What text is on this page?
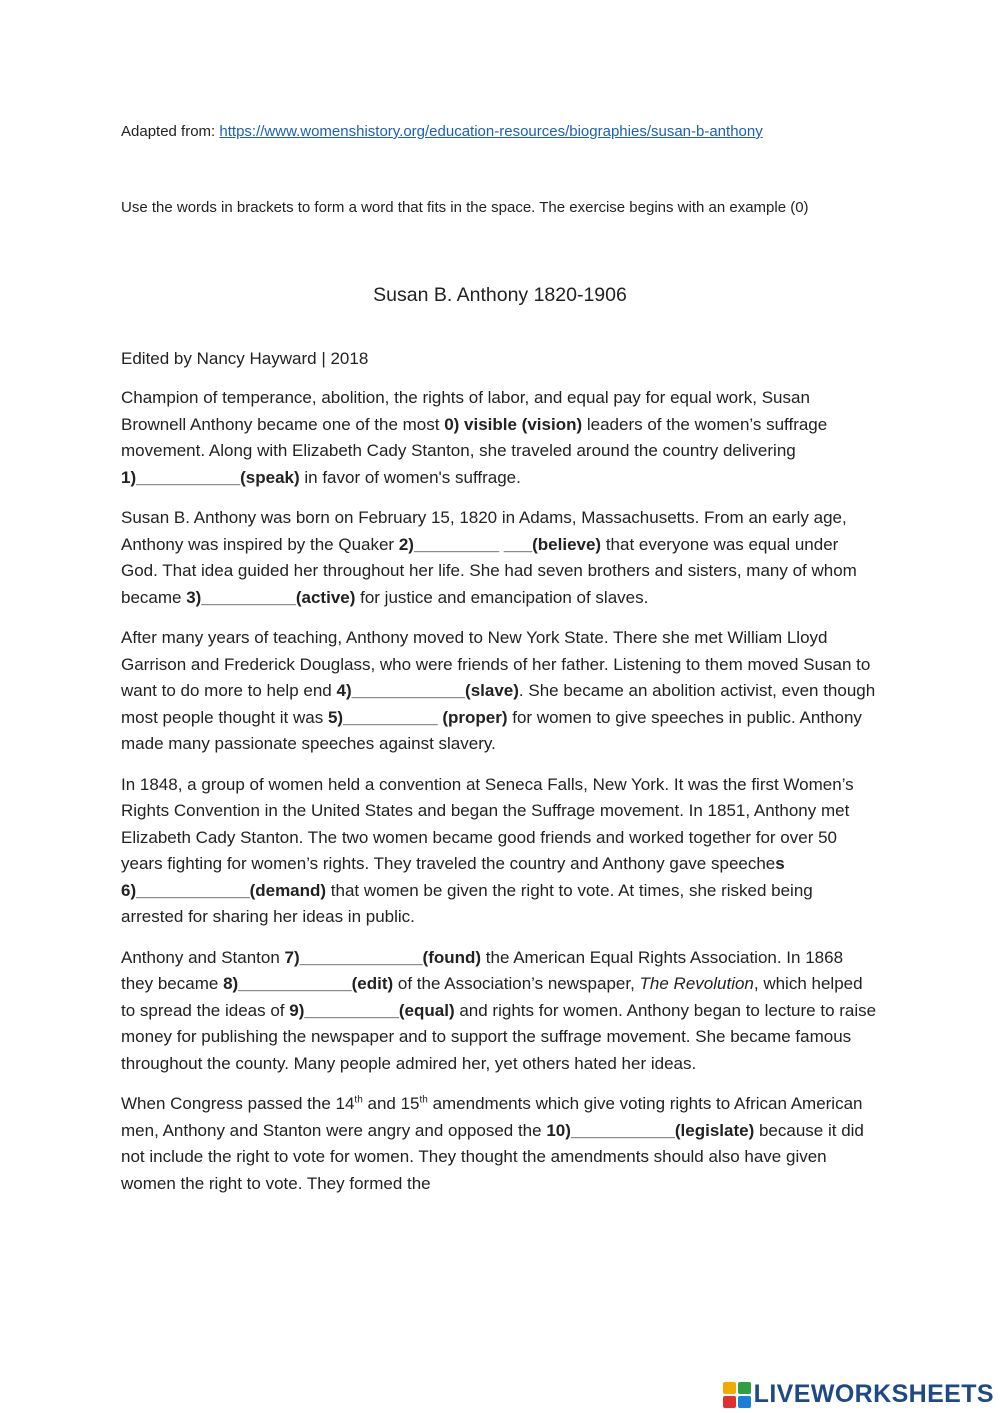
Adapted from: https://www.womenshistory.org/education-resources/biographies/susan-b-anthony
Use the words in brackets to form a word that fits in the space. The exercise begins with an example (0)
Susan B. Anthony 1820-1906
Edited by Nancy Hayward | 2018

Champion of temperance, abolition, the rights of labor, and equal pay for equal work, Susan Brownell Anthony became one of the most 0) visible (vision) leaders of the women’s suffrage movement. Along with Elizabeth Cady Stanton, she traveled around the country delivering 1)___________(speak) in favor of women's suffrage.

Susan B. Anthony was born on February 15, 1820 in Adams, Massachusetts. From an early age, Anthony was inspired by the Quaker 2)_________ ___(believe) that everyone was equal under God. That idea guided her throughout her life. She had seven brothers and sisters, many of whom became 3)__________(active) for justice and emancipation of slaves.

After many years of teaching, Anthony moved to New York State. There she met William Lloyd Garrison and Frederick Douglass, who were friends of her father. Listening to them moved Susan to want to do more to help end 4)____________(slave). She became an abolition activist, even though most people thought it was 5)__________ (proper) for women to give speeches in public. Anthony made many passionate speeches against slavery.

In 1848, a group of women held a convention at Seneca Falls, New York. It was the first Women’s Rights Convention in the United States and began the Suffrage movement. In 1851, Anthony met Elizabeth Cady Stanton. The two women became good friends and worked together for over 50 years fighting for women’s rights. They traveled the country and Anthony gave speeches 6)____________(demand) that women be given the right to vote. At times, she risked being arrested for sharing her ideas in public.

Anthony and Stanton 7)_____________(found) the American Equal Rights Association. In 1868 they became 8)____________(edit) of the Association’s newspaper, The Revolution, which helped to spread the ideas of 9)__________(equal) and rights for women. Anthony began to lecture to raise money for publishing the newspaper and to support the suffrage movement. She became famous throughout the county. Many people admired her, yet others hated her ideas.

When Congress passed the 14th and 15th amendments which give voting rights to African American men, Anthony and Stanton were angry and opposed the 10)___________(legislate) because it did not include the right to vote for women. They thought the amendments should also have given women the right to vote. They formed the

LIVEWORKSHEETS
